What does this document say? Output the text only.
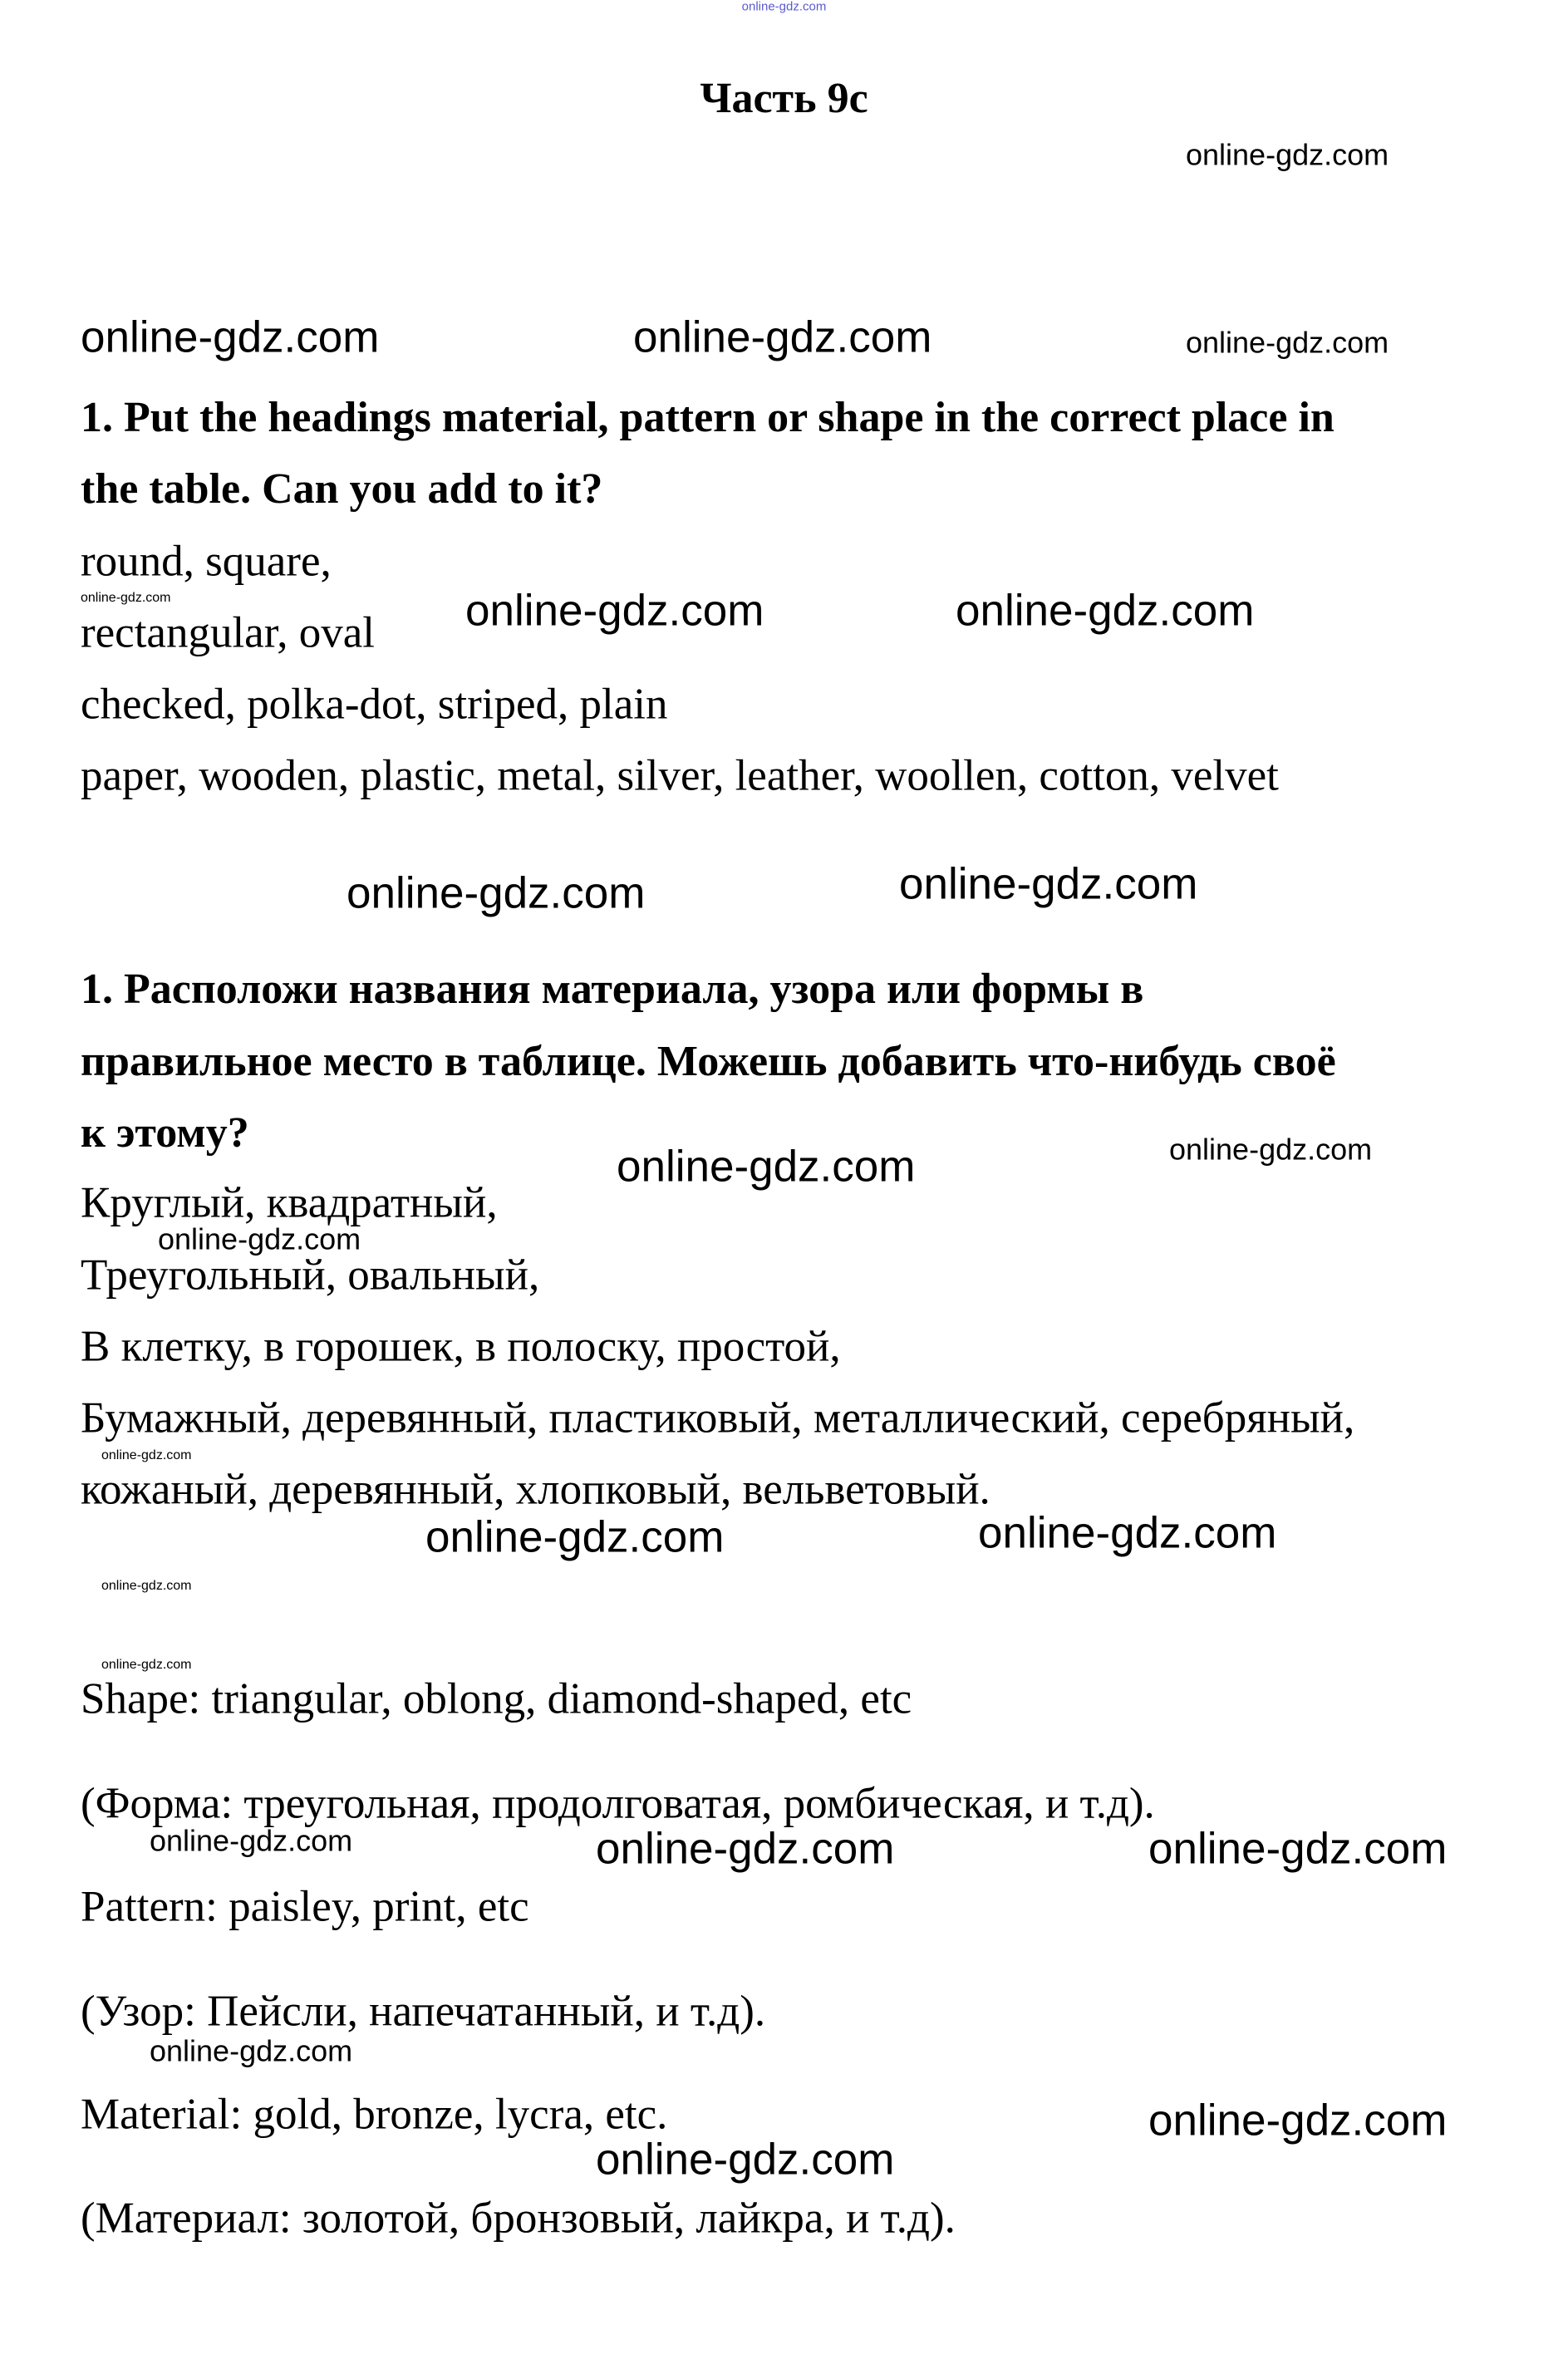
online-gdz.com
Часть 9с
online-gdz.com
online-gdz.com	online-gdz.com	online-gdz.com
1. Put the headings material, pattern or shape in the correct place in
the table. Can you add to it?
round, square,
online-gdz.com
rectangular, oval online-gdz.com	online-gdz.com
checked, polka-dot, striped, plain
paper, wooden, plastic, metal, silver, leather, woollen, cotton, velvet
online-gdz.com	online-gdz.com
1. Расположи названия материала, узора или формы в
правильное место в таблице. Можешь добавить что-нибудь своё
к этому?
online-gdz.com	online-gdz.com
Круглый, квадратный,
online-gdz.com
Треугольный, овальный,
В клетку, в горошек, в полоску, простой,
Бумажный, деревянный, пластиковый, металлический, серебряный,
online-gdz.com
кожаный, деревянный, хлопковый, вельветовый.
online-gdz.com	online-gdz.com
online-gdz.com
online-gdz.com
Shape: triangular, oblong, diamond-shaped, etc
(Форма: треугольная, продолговатая, ромбическая, и т.д).
online-gdz.com	online-gdz.com	online-gdz.com
Pattern: paisley, print, etc
(Узор: Пейсли, напечатанный, и т.д).
online-gdz.com
Material: gold, bronze, lycra, etc.	online-gdz.com
online-gdz.com
(Материал: золотой, бронзовый, лайкра, и т.д).
